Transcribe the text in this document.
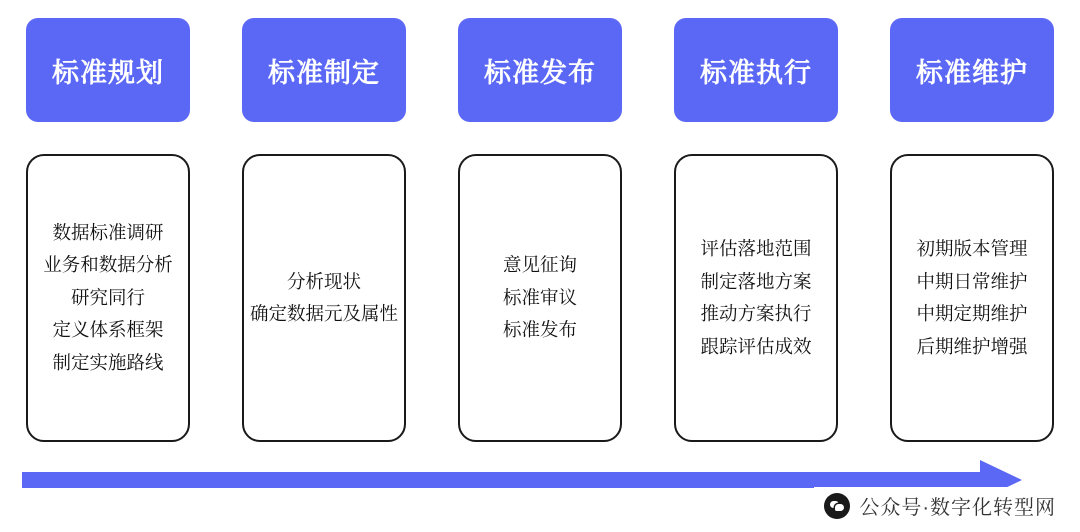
标准规划
数据标准调研
业务和数据分析
研究同行
定义体系框架
制定实施路线
标准制定
分析现状
确定数据元及属性
标准发布
意见征询
标准审议
标准发布
标准执行
评估落地范围
制定落地方案
推动方案执行
跟踪评估成效
标准维护
初期版本管理
中期日常维护
中期定期维护
后期维护增强
公众号·数字化转型网
